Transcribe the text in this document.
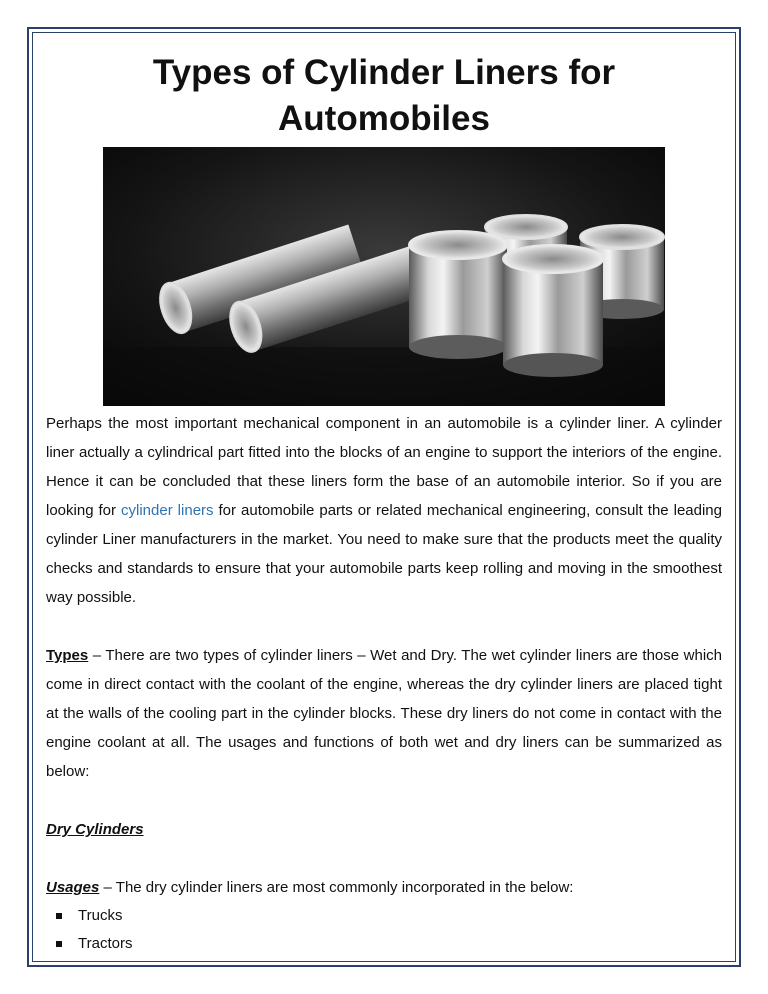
Types of Cylinder Liners for Automobiles

Perhaps the most important mechanical component in an automobile is a cylinder liner. A cylinder liner actually a cylindrical part fitted into the blocks of an engine to support the interiors of the engine. Hence it can be concluded that these liners form the base of an automobile interior. So if you are looking for cylinder liners for automobile parts or related mechanical engineering, consult the leading cylinder Liner manufacturers in the market. You need to make sure that the products meet the quality checks and standards to ensure that your automobile parts keep rolling and moving in the smoothest way possible.

Types – There are two types of cylinder liners – Wet and Dry. The wet cylinder liners are those which come in direct contact with the coolant of the engine, whereas the dry cylinder liners are placed tight at the walls of the cooling part in the cylinder blocks. These dry liners do not come in contact with the engine coolant at all. The usages and functions of both wet and dry liners can be summarized as below:

Dry Cylinders

Usages – The dry cylinder liners are most commonly incorporated in the below:

Trucks
Tractors
